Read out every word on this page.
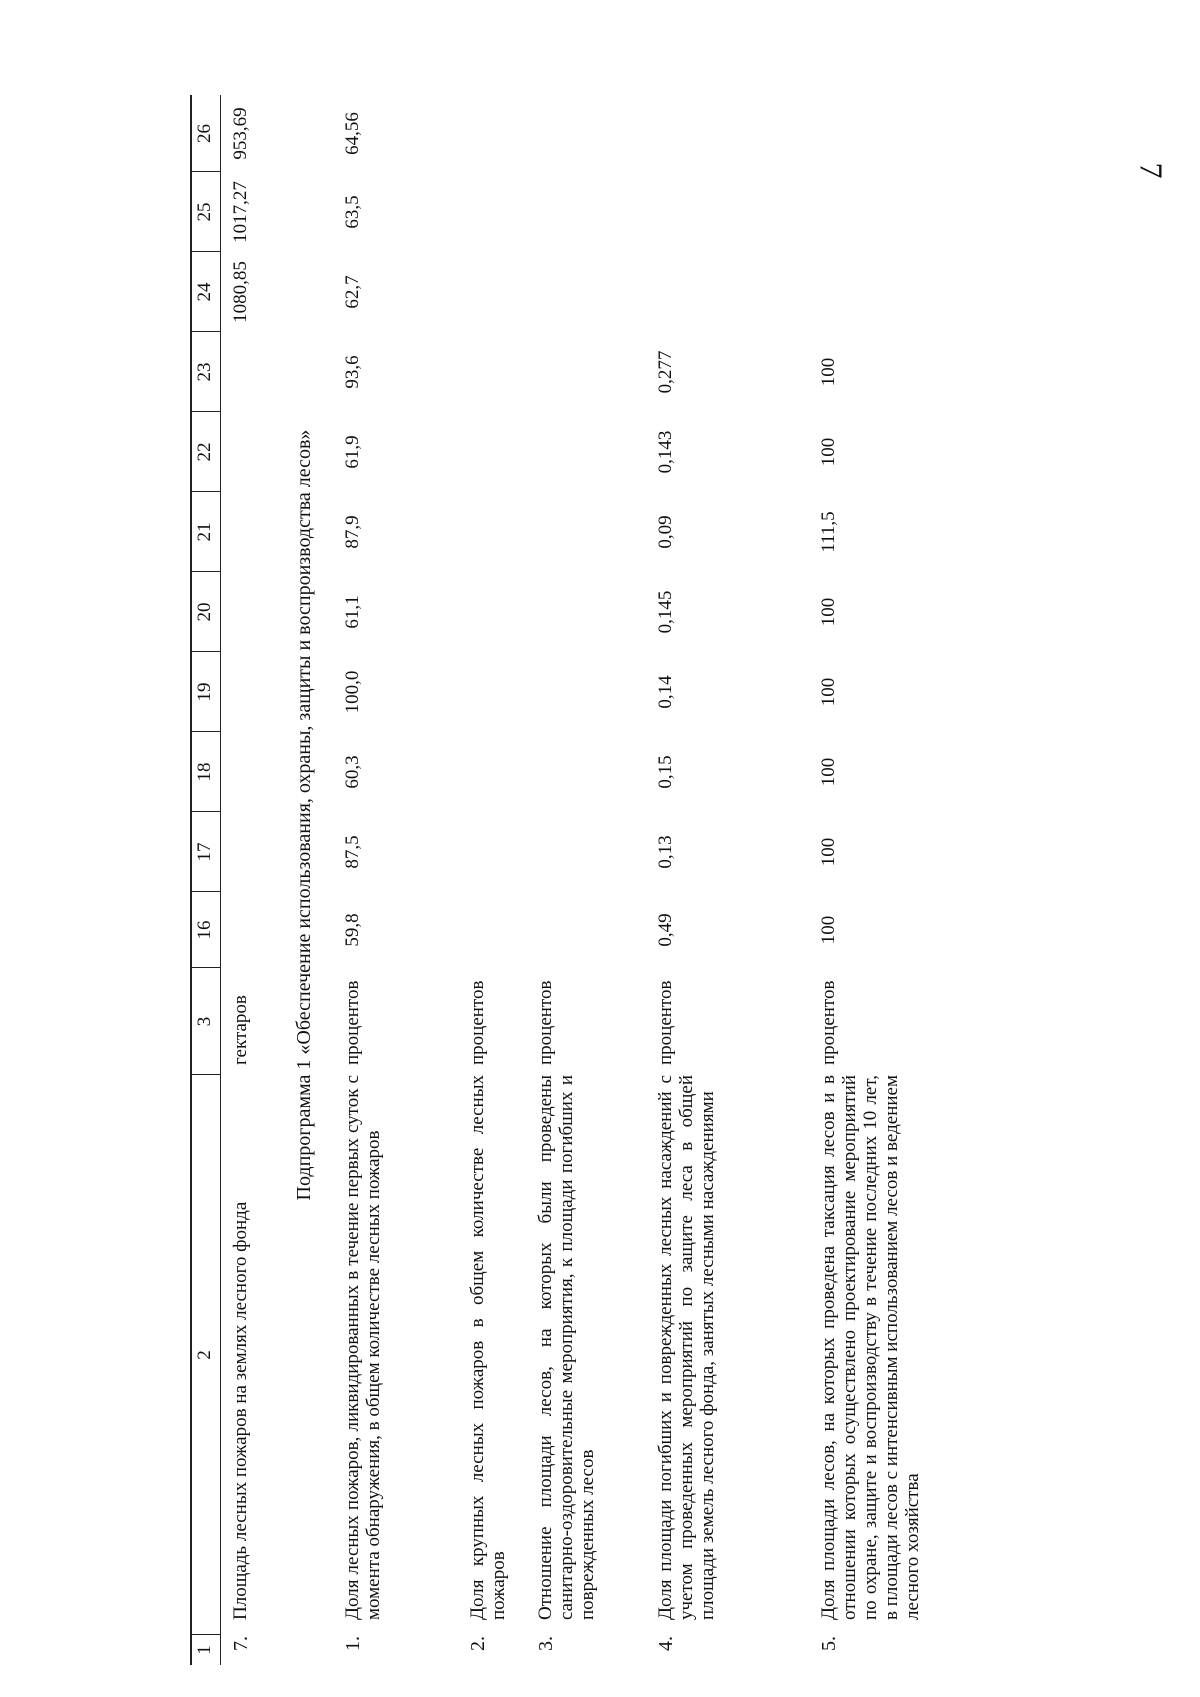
7
1
2
3
16
17
18
19
20
21
22
23
24
25
26
7.
Площадь лесных пожаров на землях лесного фонда
гектаров
1080,85
1017,27
953,69
Подпрограмма 1 «Обеспечение использования, охраны, защиты и воспроизводства лесов»
1.
Доля лесных пожаров, ликвидированных в течение первых суток с момента обнаружения, в общем количестве лесных пожаров
процентов
59,8
87,5
60,3
100,0
61,1
87,9
61,9
93,6
62,7
63,5
64,56
2.
Доля крупных лесных пожаров в общем количестве лесных пожаров
процентов
3.
Отношение площади лесов, на которых были проведены санитарно-оздоровительные мероприятия, к площади погибших и поврежденных лесов
процентов
4.
Доля площади погибших и поврежденных лесных насаждений с учетом проведенных мероприятий по защите леса в общей площади земель лесного фонда, занятых лесными насаждениями
процентов
0,49
0,13
0,15
0,14
0,145
0,09
0,143
0,277
5.
Доля площади лесов, на которых проведена таксация лесов и в отношении которых осуществлено проектирование мероприятий по охране, защите и воспроизводству в течение последних 10 лет, в площади лесов с интенсивным использованием лесов и ведением лесного хозяйства
процентов
100
100
100
100
100
111,5
100
100
